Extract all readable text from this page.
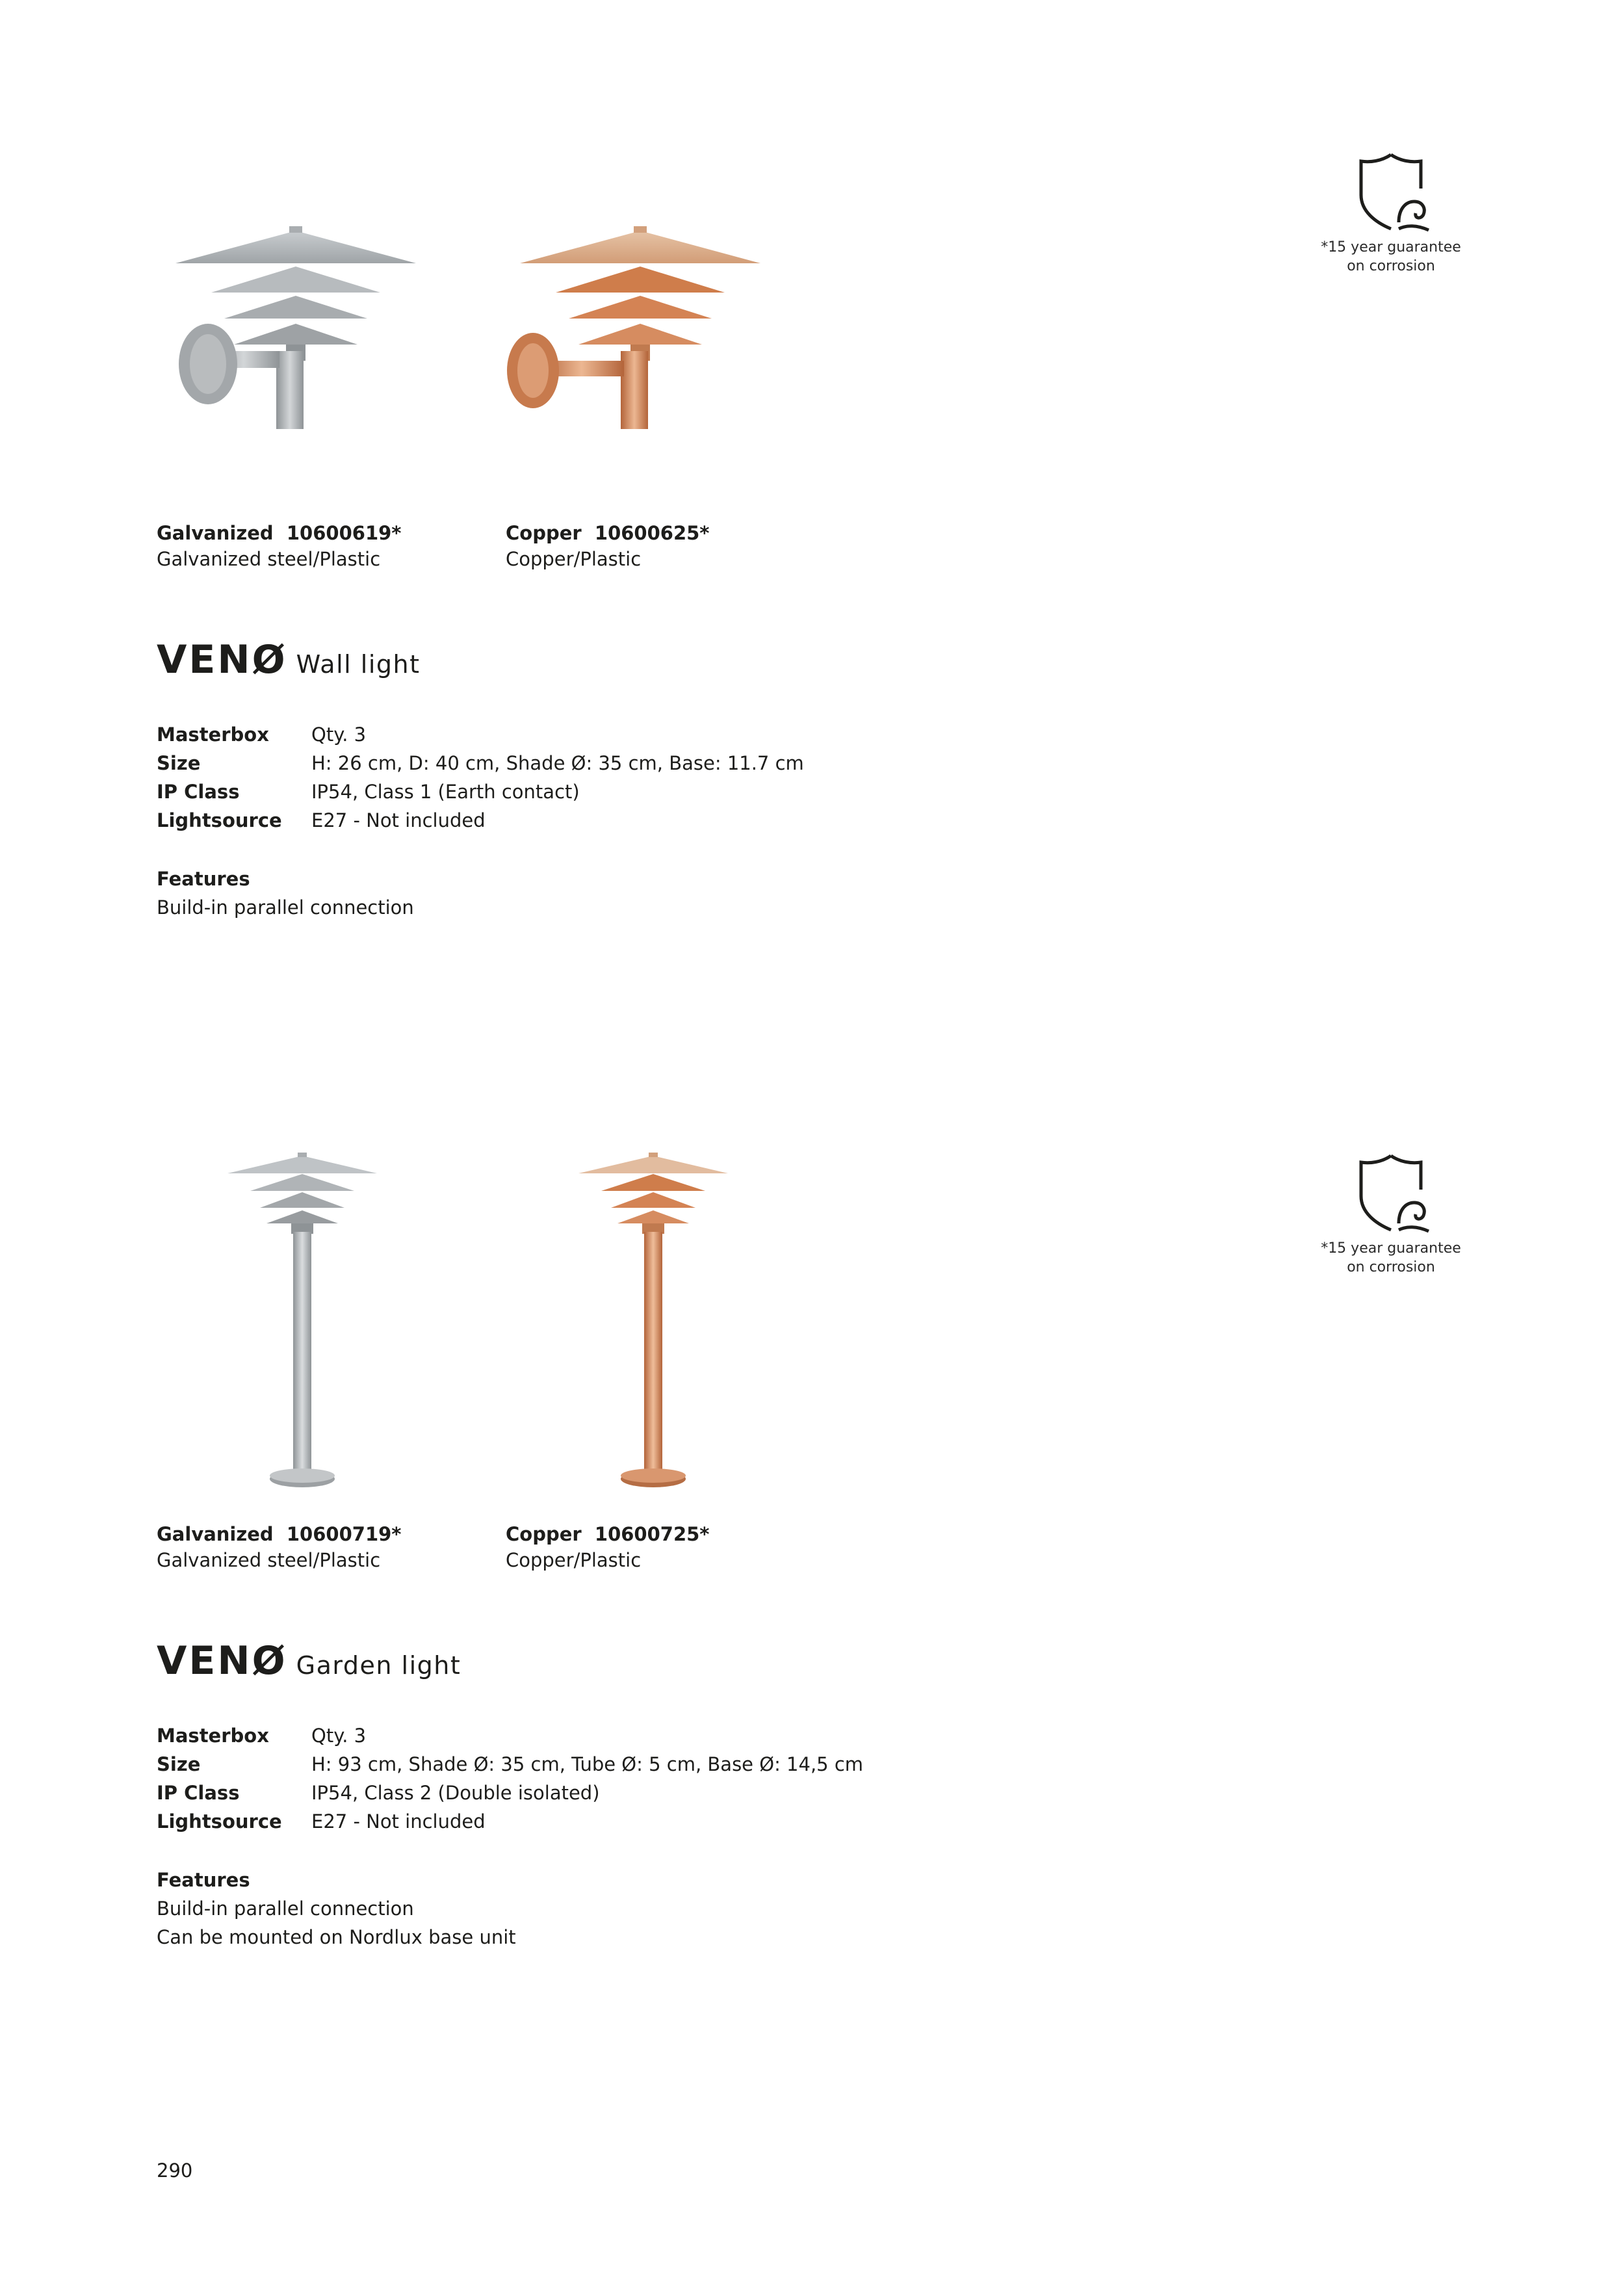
*15 year guarantee
on corrosion
Galvanized  10600619*
Galvanized steel/Plastic
Copper  10600625*
Copper/Plastic
VENØ Wall light
Masterbox	Qty. 3
Size	H: 26 cm, D: 40 cm, Shade Ø: 35 cm, Base: 11.7 cm
IP Class	IP54, Class 1 (Earth contact)
Lightsource	E27 - Not included
Features
Build-in parallel connection
*15 year guarantee
on corrosion
Galvanized  10600719*
Galvanized steel/Plastic
Copper  10600725*
Copper/Plastic
VENØ Garden light
Masterbox	Qty. 3
Size	H: 93 cm, Shade Ø: 35 cm, Tube Ø: 5 cm, Base Ø: 14,5 cm
IP Class	IP54, Class 2 (Double isolated)
Lightsource	E27 - Not included
Features
Build-in parallel connection
Can be mounted on Nordlux base unit
290
